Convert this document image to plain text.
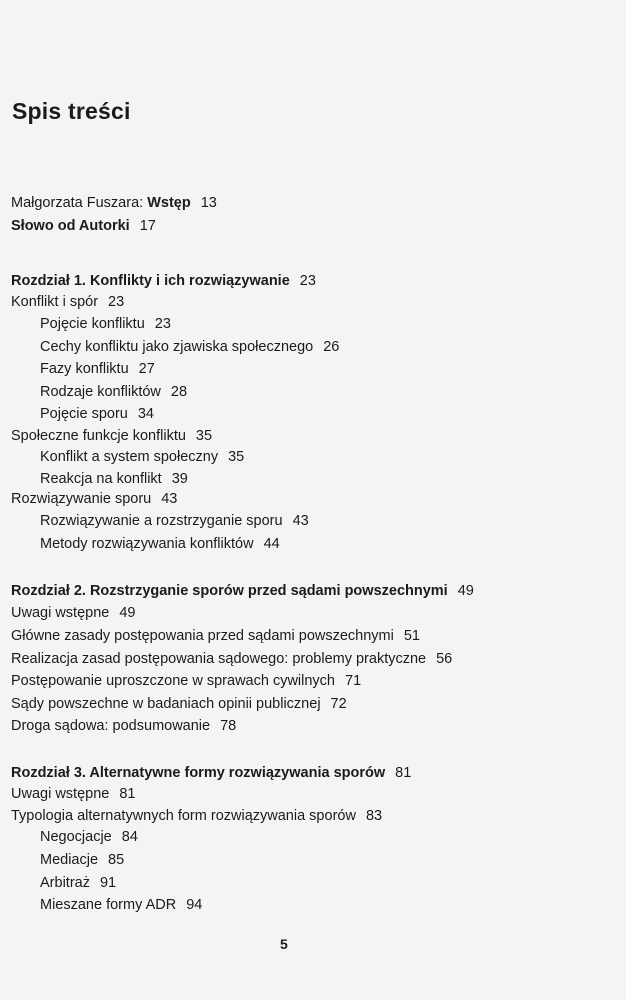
Spis treści
Małgorzata Fuszara: Wstęp 13
Słowo od Autorki 17
Rozdział 1. Konflikty i ich rozwiązywanie 23
Konflikt i spór 23
Pojęcie konfliktu 23
Cechy konfliktu jako zjawiska społecznego 26
Fazy konfliktu 27
Rodzaje konfliktów 28
Pojęcie sporu 34
Społeczne funkcje konfliktu 35
Konflikt a system społeczny 35
Reakcja na konflikt 39
Rozwiązywanie sporu 43
Rozwiązywanie a rozstrzyganie sporu 43
Metody rozwiązywania konfliktów 44
Rozdział 2. Rozstrzyganie sporów przed sądami powszechnymi 49
Uwagi wstępne 49
Główne zasady postępowania przed sądami powszechnymi 51
Realizacja zasad postępowania sądowego: problemy praktyczne 56
Postępowanie uproszczone w sprawach cywilnych 71
Sądy powszechne w badaniach opinii publicznej 72
Droga sądowa: podsumowanie 78
Rozdział 3. Alternatywne formy rozwiązywania sporów 81
Uwagi wstępne 81
Typologia alternatywnych form rozwiązywania sporów 83
Negocjacje 84
Mediacje 85
Arbitraż 91
Mieszane formy ADR 94
5
